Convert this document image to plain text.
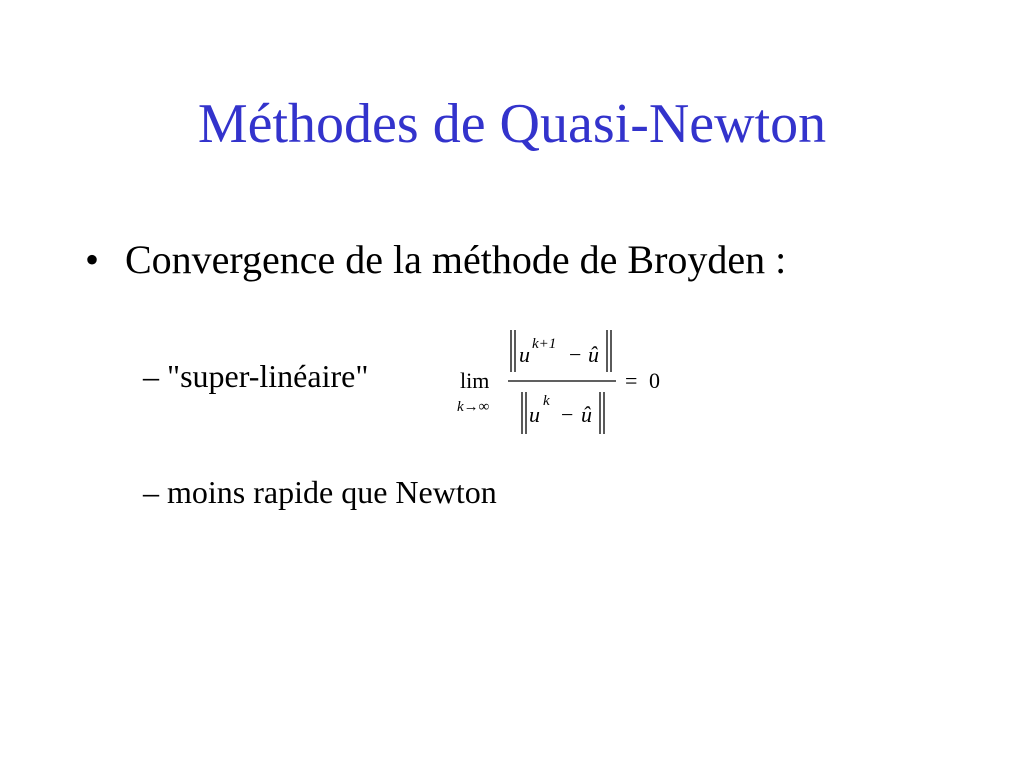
Méthodes de Quasi-Newton
• Convergence de la méthode de Broyden :
– "super-linéaire"	lim
k→∞
u k+1 − û
u
k
− û
= 0
– moins rapide que Newton
